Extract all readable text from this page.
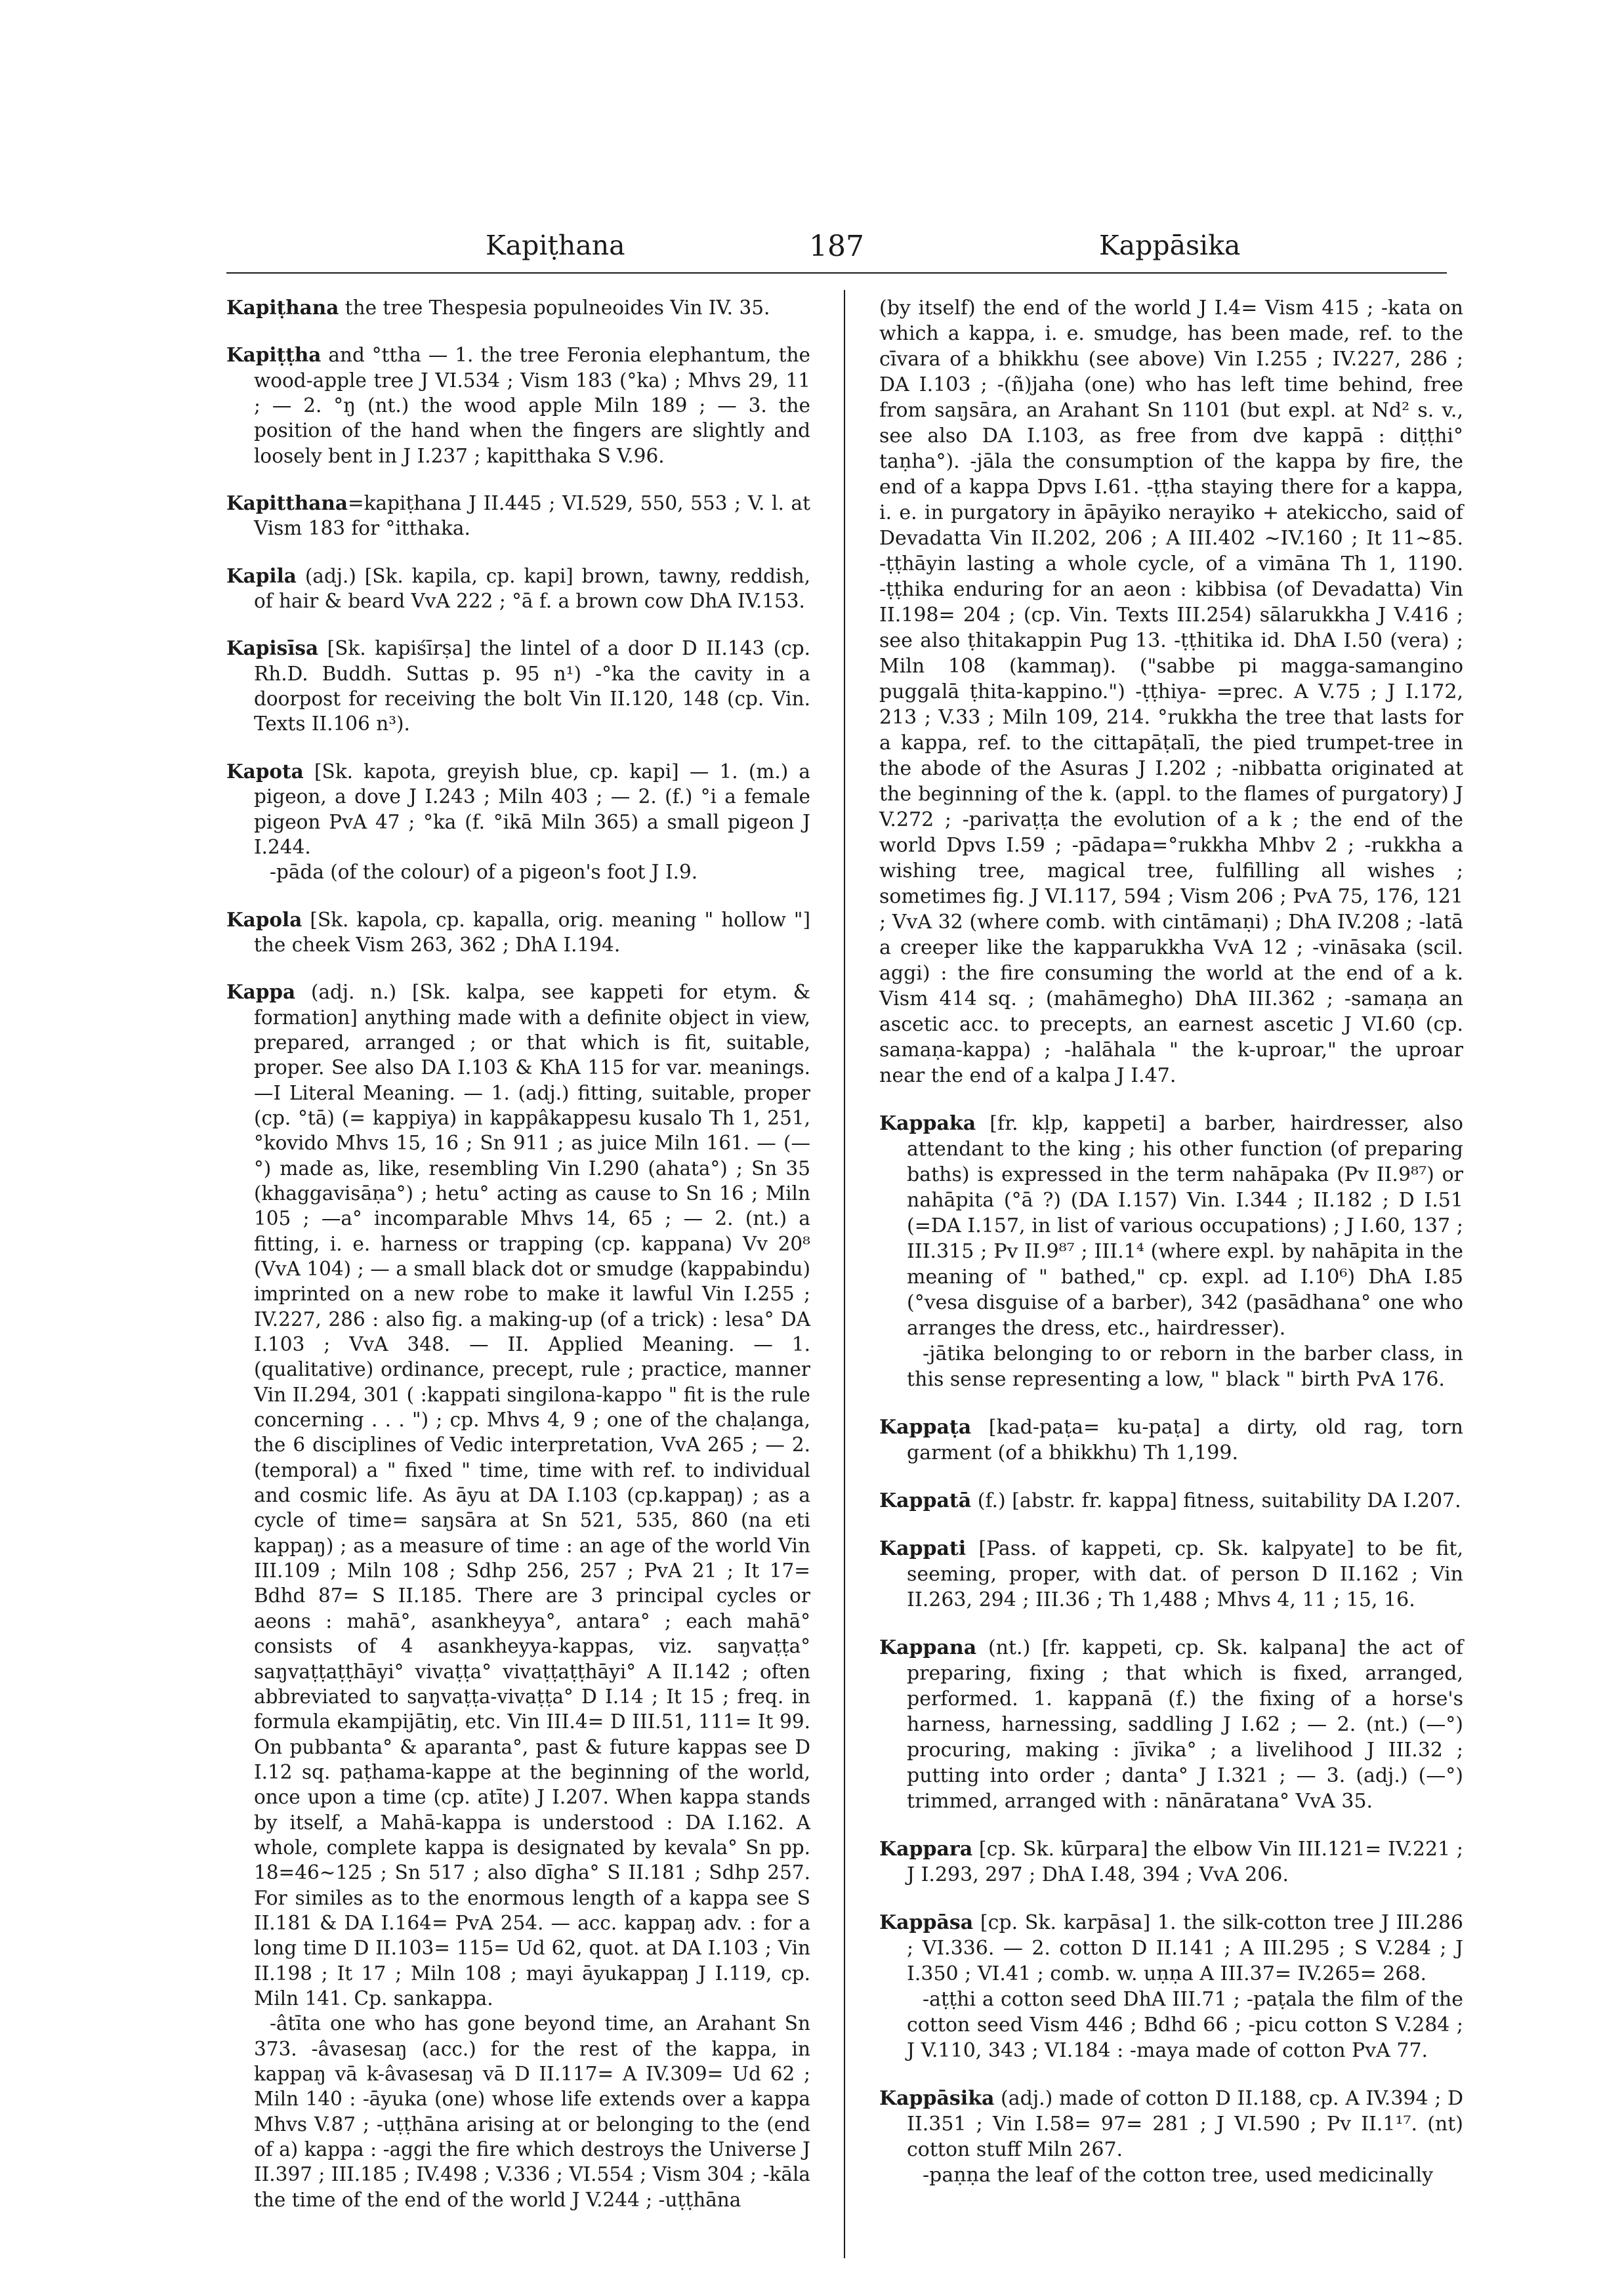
Kapiṭhana	187	Kappāsika

Kapiṭhana the tree Thespesia populneoides Vin IV. 35.

Kapiṭṭha and °ttha — 1. the tree Feronia elephantum, the wood-apple tree J VI.534 ; Vism 183 (°ka) ; Mhvs 29, 11 ; — 2. °ŋ (nt.) the wood apple Miln 189 ; — 3. the position of the hand when the fingers are slightly and loosely bent in J I.237 ; kapitthaka S V.96.

Kapitthana=kapiṭhana J II.445 ; VI.529, 550, 553 ; V. l. at Vism 183 for °itthaka.

Kapila (adj.) [Sk. kapila, cp. kapi] brown, tawny, reddish, of hair & beard VvA 222 ; °ā f. a brown cow DhA IV.153.

Kapisīsa [Sk. kapiśīrṣa] the lintel of a door D II.143 (cp. Rh.D. Buddh. Suttas p. 95 n¹) -°ka the cavity in a doorpost for receiving the bolt Vin II.120, 148 (cp. Vin. Texts II.106 n³).

Kapota [Sk. kapota, greyish blue, cp. kapi] — 1. (m.) a pigeon, a dove J I.243 ; Miln 403 ; — 2. (f.) °i a female pigeon PvA 47 ; °ka (f. °ikā Miln 365) a small pigeon J I.244.

-pāda (of the colour) of a pigeon's foot J I.9.

Kapola [Sk. kapola, cp. kapalla, orig. meaning " hollow "] the cheek Vism 263, 362 ; DhA I.194.

Kappa (adj. n.) [Sk. kalpa, see kappeti for etym. & formation] anything made with a definite object in view, prepared, arranged ; or that which is fit, suitable, proper. See also DA I.103 & KhA 115 for var. meanings. —I Literal Meaning. — 1. (adj.) fitting, suitable, proper (cp. °tā) (= kappiya) in kappâkappesu kusalo Th 1, 251, °kovido Mhvs 15, 16 ; Sn 911 ; as juice Miln 161. — (—°) made as, like, resembling Vin I.290 (ahata°) ; Sn 35 (khaggavisāṇa°) ; hetu° acting as cause to Sn 16 ; Miln 105 ; —a° incomparable Mhvs 14, 65 ; — 2. (nt.) a fitting, i. e. harness or trapping (cp. kappana) Vv 20⁸ (VvA 104) ; — a small black dot or smudge (kappabindu) imprinted on a new robe to make it lawful Vin I.255 ; IV.227, 286 : also fig. a making-up (of a trick) : lesa° DA I.103 ; VvA 348. — II. Applied Meaning. — 1. (qualitative) ordinance, precept, rule ; practice, manner Vin II.294, 301 ( :kappati singilona-kappo " fit is the rule concerning . . . ") ; cp. Mhvs 4, 9 ; one of the chaḷanga, the 6 disciplines of Vedic interpretation, VvA 265 ; — 2. (temporal) a " fixed " time, time with ref. to individual and cosmic life. As āyu at DA I.103 (cp.kappaŋ) ; as a cycle of time= saŋsāra at Sn 521, 535, 860 (na eti kappaŋ) ; as a measure of time : an age of the world Vin III.109 ; Miln 108 ; Sdhp 256, 257 ; PvA 21 ; It 17= Bdhd 87= S II.185. There are 3 principal cycles or aeons : mahā°, asankheyya°, antara° ; each mahā° consists of 4 asankheyya-kappas, viz. saŋvaṭṭa° saŋvaṭṭaṭṭhāyi° vivaṭṭa° vivaṭṭaṭṭhāyi° A II.142 ; often abbreviated to saŋvaṭṭa-vivaṭṭa° D I.14 ; It 15 ; freq. in formula ekampijātiŋ, etc. Vin III.4= D III.51, 111= It 99. On pubbanta° & aparanta°, past & future kappas see D I.12 sq. paṭhama-kappe at the beginning of the world, once upon a time (cp. atīte) J I.207. When kappa stands by itself, a Mahā-kappa is understood : DA I.162. A whole, complete kappa is designated by kevala° Sn pp. 18=46~125 ; Sn 517 ; also dīgha° S II.181 ; Sdhp 257. For similes as to the enormous length of a kappa see S II.181 & DA I.164= PvA 254. — acc. kappaŋ adv. : for a long time D II.103= 115= Ud 62, quot. at DA I.103 ; Vin II.198 ; It 17 ; Miln 108 ; mayi āyukappaŋ J I.119, cp. Miln 141. Cp. sankappa.

-âtīta one who has gone beyond time, an Arahant Sn 373. -âvasesaŋ (acc.) for the rest of the kappa, in kappaŋ vā k-âvasesaŋ vā D II.117= A IV.309= Ud 62 ; Miln 140 : -āyuka (one) whose life extends over a kappa Mhvs V.87 ; -uṭṭhāna arising at or belonging to the (end of a) kappa : -aggi the fire which destroys the Universe J II.397 ; III.185 ; IV.498 ; V.336 ; VI.554 ; Vism 304 ; -kāla the time of the end of the world J V.244 ; -uṭṭhāna

(by itself) the end of the world J I.4= Vism 415 ; -kata on which a kappa, i. e. smudge, has been made, ref. to the cīvara of a bhikkhu (see above) Vin I.255 ; IV.227, 286 ; DA I.103 ; -(ñ)jaha (one) who has left time behind, free from saŋsāra, an Arahant Sn 1101 (but expl. at Nd² s. v., see also DA I.103, as free from dve kappā : diṭṭhi° taṇha°). -jāla the consumption of the kappa by fire, the end of a kappa Dpvs I.61. -ṭṭha staying there for a kappa, i. e. in purgatory in āpāyiko nerayiko + atekiccho, said of Devadatta Vin II.202, 206 ; A III.402 ~IV.160 ; It 11~85. -ṭṭhāyin lasting a whole cycle, of a vimāna Th 1, 1190. -ṭṭhika enduring for an aeon : kibbisa (of Devadatta) Vin II.198= 204 ; (cp. Vin. Texts III.254) sālarukkha J V.416 ; see also ṭhitakappin Pug 13. -ṭṭhitika id. DhA I.50 (vera) ; Miln 108 (kammaŋ). ("sabbe pi magga-samangino puggalā ṭhita-kappino.") -ṭṭhiya- =prec. A V.75 ; J I.172, 213 ; V.33 ; Miln 109, 214. °rukkha the tree that lasts for a kappa, ref. to the cittapāṭalī, the pied trumpet-tree in the abode of the Asuras J I.202 ; -nibbatta originated at the beginning of the k. (appl. to the flames of purgatory) J V.272 ; -parivaṭṭa the evolution of a k ; the end of the world Dpvs I.59 ; -pādapa=°rukkha Mhbv 2 ; -rukkha a wishing tree, magical tree, fulfilling all wishes ; sometimes fig. J VI.117, 594 ; Vism 206 ; PvA 75, 176, 121 ; VvA 32 (where comb. with cintāmaṇi) ; DhA IV.208 ; -latā a creeper like the kapparukkha VvA 12 ; -vināsaka (scil. aggi) : the fire consuming the world at the end of a k. Vism 414 sq. ; (mahāmegho) DhA III.362 ; -samaṇa an ascetic acc. to precepts, an earnest ascetic J VI.60 (cp. samaṇa-kappa) ; -halāhala " the k-uproar," the uproar near the end of a kalpa J I.47.

Kappaka [fr. kḷp, kappeti] a barber, hairdresser, also attendant to the king ; his other function (of preparing baths) is expressed in the term nahāpaka (Pv II.9⁸⁷) or nahāpita (°ā ?) (DA I.157) Vin. I.344 ; II.182 ; D I.51 (=DA I.157, in list of various occupations) ; J I.60, 137 ; III.315 ; Pv II.9⁸⁷ ; III.1⁴ (where expl. by nahāpita in the meaning of " bathed," cp. expl. ad I.10⁶) DhA I.85 (°vesa disguise of a barber), 342 (pasādhana° one who arranges the dress, etc., hairdresser).

-jātika belonging to or reborn in the barber class, in this sense representing a low, " black " birth PvA 176.

Kappaṭa [kad-paṭa= ku-paṭa] a dirty, old rag, torn garment (of a bhikkhu) Th 1,199.

Kappatā (f.) [abstr. fr. kappa] fitness, suitability DA I.207.

Kappati [Pass. of kappeti, cp. Sk. kalpyate] to be fit, seeming, proper, with dat. of person D II.162 ; Vin II.263, 294 ; III.36 ; Th 1,488 ; Mhvs 4, 11 ; 15, 16.

Kappana (nt.) [fr. kappeti, cp. Sk. kalpana] the act of preparing, fixing ; that which is fixed, arranged, performed. 1. kappanā (f.) the fixing of a horse's harness, harnessing, saddling J I.62 ; — 2. (nt.) (—°) procuring, making : jīvika° ; a livelihood J III.32 ; putting into order ; danta° J I.321 ; — 3. (adj.) (—°) trimmed, arranged with : nānāratana° VvA 35.

Kappara [cp. Sk. kūrpara] the elbow Vin III.121= IV.221 ; J I.293, 297 ; DhA I.48, 394 ; VvA 206.

Kappāsa [cp. Sk. karpāsa] 1. the silk-cotton tree J III.286 ; VI.336. — 2. cotton D II.141 ; A III.295 ; S V.284 ; J I.350 ; VI.41 ; comb. w. uṇṇa A III.37= IV.265= 268.

-aṭṭhi a cotton seed DhA III.71 ; -paṭala the film of the cotton seed Vism 446 ; Bdhd 66 ; -picu cotton S V.284 ; J V.110, 343 ; VI.184 : -maya made of cotton PvA 77.

Kappāsika (adj.) made of cotton D II.188, cp. A IV.394 ; D II.351 ; Vin I.58= 97= 281 ; J VI.590 ; Pv II.1¹⁷. (nt) cotton stuff Miln 267.

-paṇṇa the leaf of the cotton tree, used medicinally
